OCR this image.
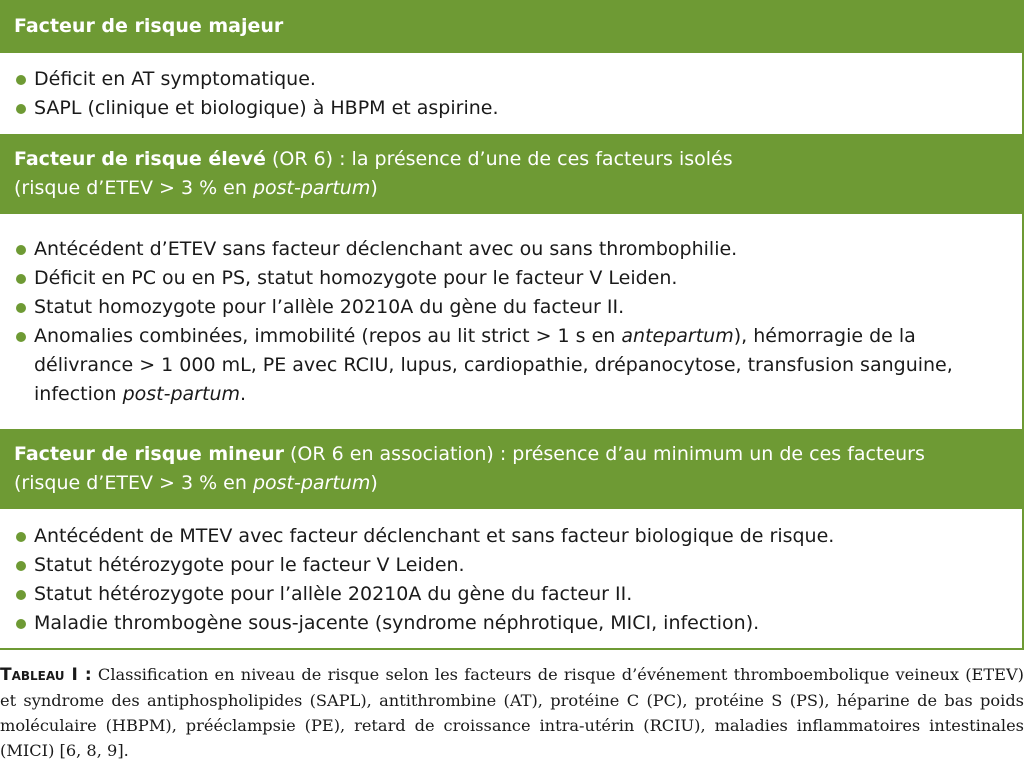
Facteur de risque majeur
Déficit en AT symptomatique.
SAPL (clinique et biologique) à HBPM et aspirine.
Facteur de risque élevé (OR 6) : la présence d’une de ces facteurs isolés
(risque d’ETEV > 3 % en post-partum)
Antécédent d’ETEV sans facteur déclenchant avec ou sans thrombophilie.
Déficit en PC ou en PS, statut homozygote pour le facteur V Leiden.
Statut homozygote pour l’allèle 20210A du gène du facteur II.
Anomalies combinées, immobilité (repos au lit strict > 1 s en antepartum), hémorragie de la délivrance > 1 000 mL, PE avec RCIU, lupus, cardiopathie, drépanocytose, transfusion sanguine, infection post-partum.
Facteur de risque mineur (OR 6 en association) : présence d’au minimum un de ces facteurs
(risque d’ETEV > 3 % en post-partum)
Antécédent de MTEV avec facteur déclenchant et sans facteur biologique de risque.
Statut hétérozygote pour le facteur V Leiden.
Statut hétérozygote pour l’allèle 20210A du gène du facteur II.
Maladie thrombogène sous-jacente (syndrome néphrotique, MICI, infection).
Tableau I : Classification en niveau de risque selon les facteurs de risque d’événement thromboembolique veineux (ETEV) et syndrome des antiphospholipides (SAPL), antithrombine (AT), protéine C (PC), protéine S (PS), héparine de bas poids moléculaire (HBPM), prééclampsie (PE), retard de croissance intra-utérin (RCIU), maladies inflammatoires intestinales (MICI) [6, 8, 9].
